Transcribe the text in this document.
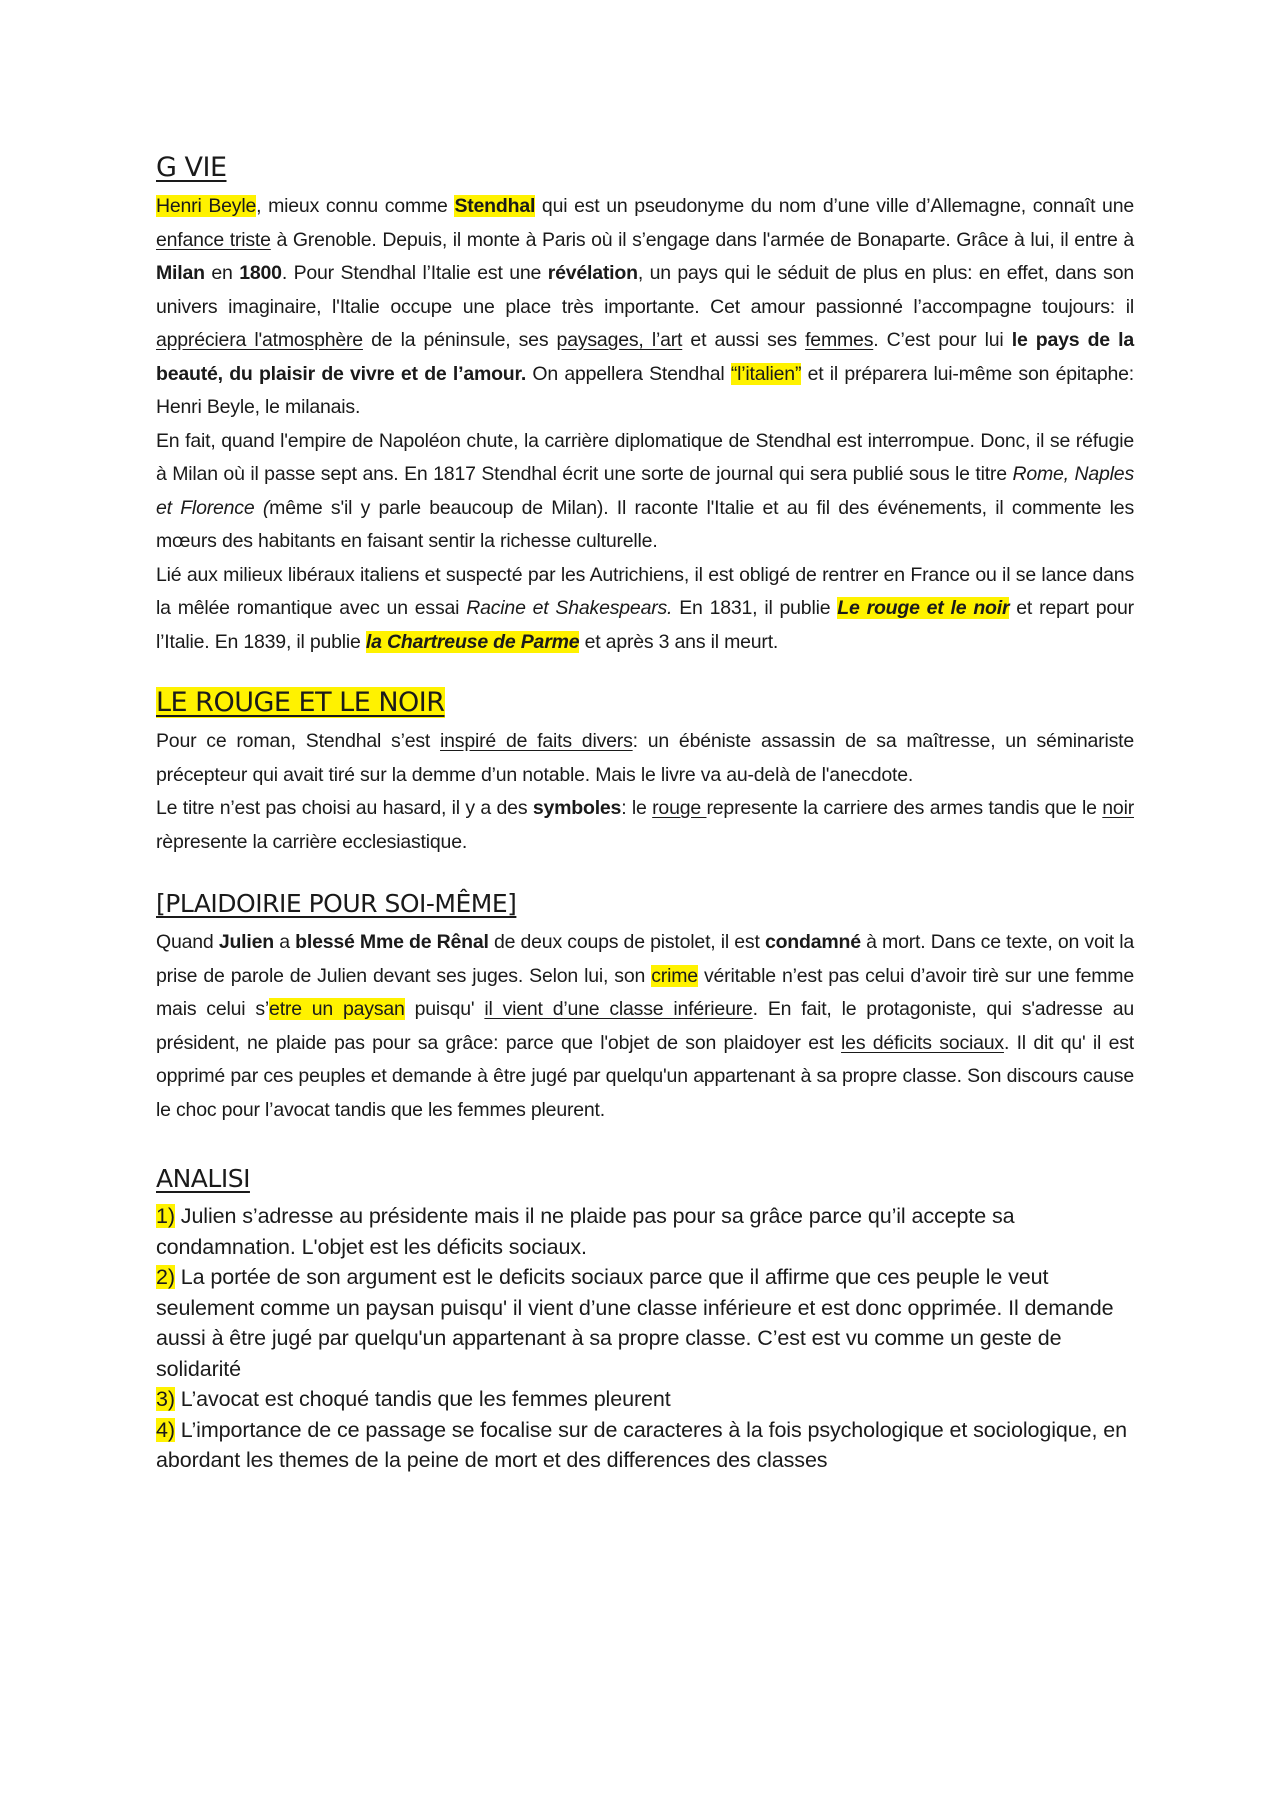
G VIE

Henri Beyle, mieux connu comme Stendhal qui est un pseudonyme du nom d’une ville d’Allemagne, connaît une enfance triste à Grenoble. Depuis, il monte à Paris où il s’engage dans l'armée de Bonaparte. Grâce à lui, il entre à Milan en 1800. Pour Stendhal l’Italie est une révélation, un pays qui le séduit de plus en plus: en effet, dans son univers imaginaire, l'Italie occupe une place très importante. Cet amour passionné l’accompagne toujours: il appréciera l'atmosphère de la péninsule, ses paysages, l’art et aussi ses femmes. C’est pour lui le pays de la beauté, du plaisir de vivre et de l’amour. On appellera Stendhal “l’italien” et il préparera lui-même son épitaphe: Henri Beyle, le milanais.

En fait, quand l'empire de Napoléon chute, la carrière diplomatique de Stendhal est interrompue. Donc, il se réfugie à Milan où il passe sept ans. En 1817 Stendhal écrit une sorte de journal qui sera publié sous le titre Rome, Naples et Florence (même s'il y parle beaucoup de Milan). Il raconte l'Italie et au fil des événements, il commente les mœurs des habitants en faisant sentir la richesse culturelle.

Lié aux milieux libéraux italiens et suspecté par les Autrichiens, il est obligé de rentrer en France ou il se lance dans la mêlée romantique avec un essai Racine et Shakespears. En 1831, il publie Le rouge et le noir et repart pour l’Italie. En 1839, il publie la Chartreuse de Parme et après 3 ans il meurt.

LE ROUGE ET LE NOIR

Pour ce roman, Stendhal s’est inspiré de faits divers: un ébéniste assassin de sa maîtresse, un séminariste précepteur qui avait tiré sur la demme d’un notable. Mais le livre va au-delà de l'anecdote.

Le titre n’est pas choisi au hasard, il y a des symboles: le rouge represente la carriere des armes tandis que le noir rèpresente la carrière ecclesiastique.

[PLAIDOIRIE POUR SOI-MÊME]

Quand Julien a blessé Mme de Rênal de deux coups de pistolet, il est condamné à mort. Dans ce texte, on voit la prise de parole de Julien devant ses juges. Selon lui, son crime véritable n’est pas celui d’avoir tirè sur une femme mais celui s’etre un paysan puisqu' il vient d’une classe inférieure. En fait, le protagoniste, qui s'adresse au président, ne plaide pas pour sa grâce: parce que l'objet de son plaidoyer est les déficits sociaux. Il dit qu' il est opprimé par ces peuples et demande à être jugé par quelqu'un appartenant à sa propre classe. Son discours cause le choc pour l’avocat tandis que les femmes pleurent.

ANALISI

1) Julien s’adresse au présidente mais il ne plaide pas pour sa grâce parce qu’il accepte sa condamnation. L'objet est les déficits sociaux.

2) La portée de son argument est le deficits sociaux parce que il affirme que ces peuple le veut seulement comme un paysan puisqu' il vient d’une classe inférieure et est donc opprimée. Il demande aussi à être jugé par quelqu'un appartenant à sa propre classe. C’est est vu comme un geste de solidarité

3) L’avocat est choqué tandis que les femmes pleurent

4) L’importance de ce passage se focalise sur de caracteres à la fois psychologique et sociologique, en abordant les themes de la peine de mort et des differences des classes
